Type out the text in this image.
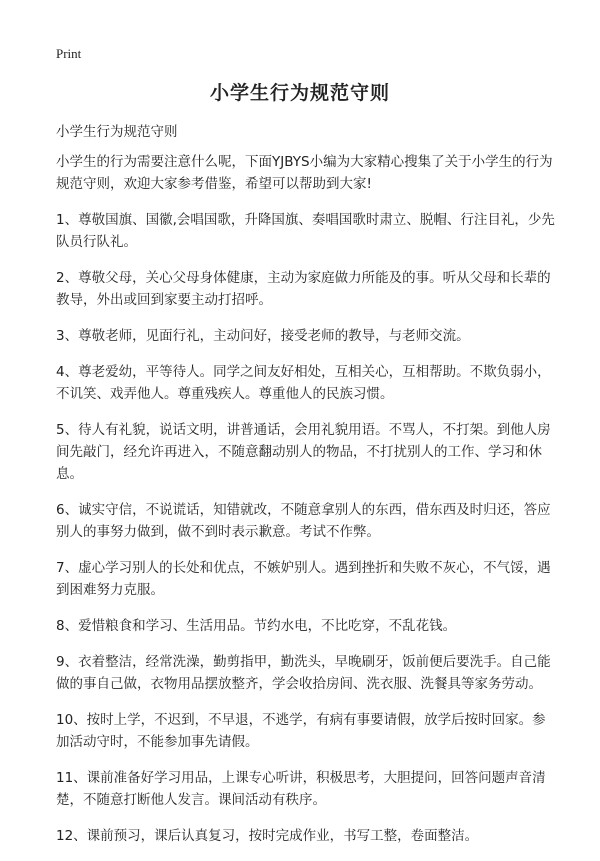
Print
小学生行为规范守则

小学生行为规范守则

小学生的行为需要注意什么呢，下面YJBYS小编为大家精心搜集了关于小学生的行为规范守则，欢迎大家参考借鉴，希望可以帮助到大家!

1、尊敬国旗、国徽,会唱国歌，升降国旗、奏唱国歌时肃立、脱帽、行注目礼，少先队员行队礼。

2、尊敬父母，关心父母身体健康，主动为家庭做力所能及的事。听从父母和长辈的教导，外出或回到家要主动打招呼。

3、尊敬老师，见面行礼，主动问好，接受老师的教导，与老师交流。

4、尊老爱幼，平等待人。同学之间友好相处，互相关心，互相帮助。不欺负弱小，不讥笑、戏弄他人。尊重残疾人。尊重他人的民族习惯。

5、待人有礼貌，说话文明，讲普通话，会用礼貌用语。不骂人，不打架。到他人房间先敲门，经允许再进入，不随意翻动别人的物品，不打扰别人的工作、学习和休息。

6、诚实守信，不说谎话，知错就改，不随意拿别人的东西，借东西及时归还，答应别人的事努力做到，做不到时表示歉意。考试不作弊。

7、虚心学习别人的长处和优点，不嫉妒别人。遇到挫折和失败不灰心，不气馁，遇到困难努力克服。

8、爱惜粮食和学习、生活用品。节约水电，不比吃穿，不乱花钱。

9、衣着整洁，经常洗澡，勤剪指甲，勤洗头，早晚刷牙，饭前便后要洗手。自己能做的事自己做，衣物用品摆放整齐，学会收拾房间、洗衣服、洗餐具等家务劳动。

10、按时上学，不迟到，不早退，不逃学，有病有事要请假，放学后按时回家。参加活动守时，不能参加事先请假。

11、课前准备好学习用品，上课专心听讲，积极思考，大胆提问，回答问题声音清楚，不随意打断他人发言。课间活动有秩序。

12、课前预习，课后认真复习，按时完成作业，书写工整，卷面整洁。
